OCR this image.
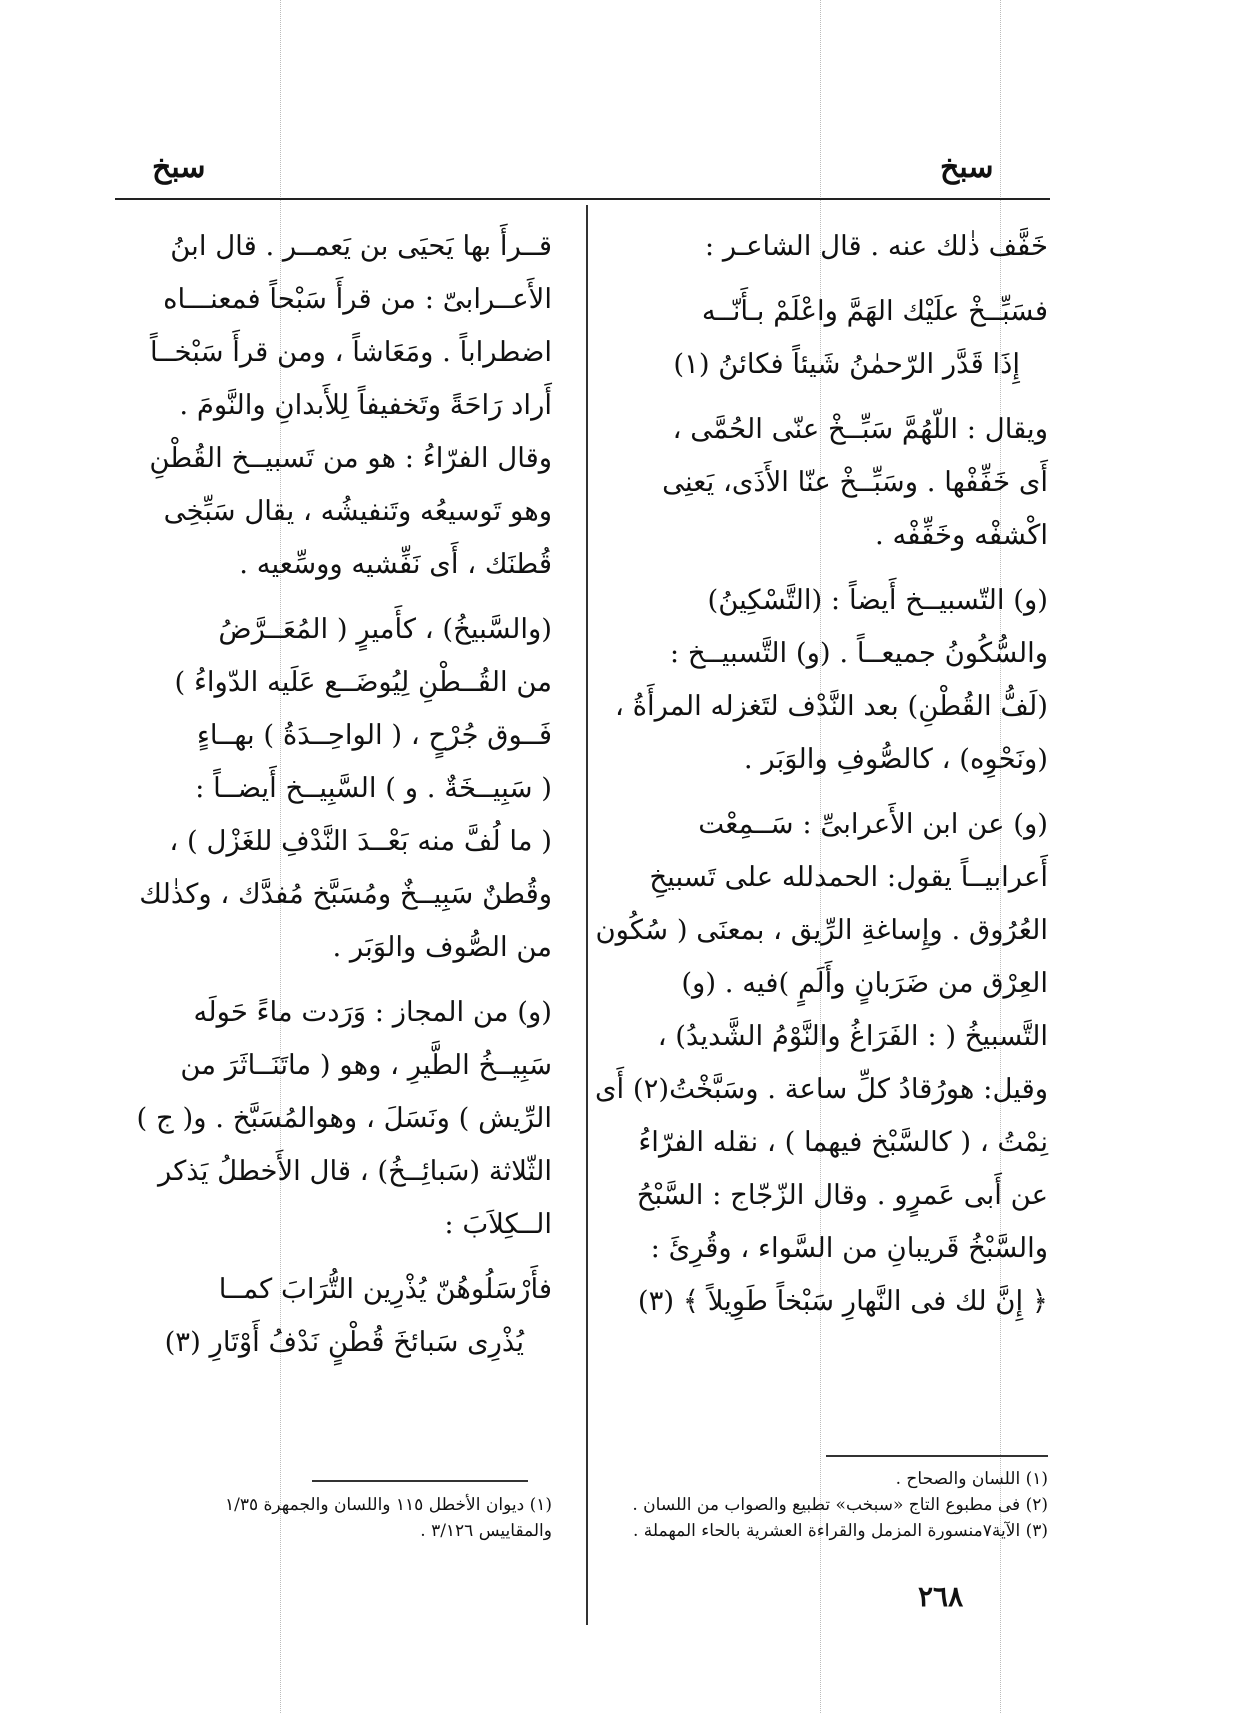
سبخ
سبخ
خَفَّف ذٰلك عنه . قال الشاعـر :
فسَبِّــخْ علَيْك الهَمَّ واعْلَمْ بـأَنّــه
إِذَا قَدَّر الرّحمٰنُ شَيئاً فكائنُ (١)
ويقال : اللّهُمَّ سَبِّــخْ عنّى الحُمَّى ،
أَى خَفِّفْها . وسَبِّــخْ عنّا الأَذَى، يَعنِى
اكْشفْه وخَفِّفْه .
(و) التّسبيــخ أَيضاً : (التَّسْكِينُ)
والسُّكُونُ جميعــاً . (و) التَّسبيــخ :
(لَفُّ القُطْنِ) بعد النَّدْف لتَغزله المرأَةُ ،
(ونَحْوِه) ، كالصُّوفِ والوَبَر .
(و) عن ابن الأَعرابىِّ : سَــمِعْت
أَعرابيــاً يقول: الحمدلله على تَسبيخِ
العُرُوق . وإِساغةِ الرِّيق ، بمعنَى ( سُكُون
العِرْق من ضَرَبانٍ وأَلَمٍ )فيه . (و)
التَّسبيخُ ( : الفَرَاغُ والنَّوْمُ الشَّديدُ) ،
وقيل: هورُقادُ كلِّ ساعة . وسَبَّخْتُ(٢) أَى
نِمْتُ ، ( كالسَّبْخ فيهما ) ، نقله الفرّاءُ
عن أَبى عَمرٍو . وقال الزّجّاج : السَّبْحُ
والسَّبْخُ قَريبانِ من السَّواء ، وقُرِئَ :
﴿ إِنَّ لك فى النَّهارِ سَبْخاً طَوِيلاً ﴾ (٣)
(١) اللسان والصحاح .
(٢) فى مطبوع التاج «سبخب» تطبيع والصواب من اللسان .
(٣) الآية٧منسورة المزمل والقراءة العشرية بالحاء المهملة .
قــرأَ بها يَحيَى بن يَعمــر . قال ابنُ
الأَعــرابىّ : من قرأَ سَبْحاً فمعنـــاه
اضطراباً . ومَعَاشاً ، ومن قرأَ سَبْخــاً
أَراد رَاحَةً وتَخفيفاً لِلأَبدانِ والنَّومَ .
وقال الفرّاءُ : هو من تَسبيــخ القُطْنِ
وهو تَوسيعُه وتَنفيشُه ، يقال سَبِّخِى
قُطنَك ، أَى نَفِّشيه ووسِّعيه .
(والسَّبيخُ) ، كأَميرٍ ( المُعَــرَّضُ
من القُــطْنِ لِيُوضَــع عَلَيه الدّواءُ )
فَــوق جُرْحٍ ، ( الواحِــدَةُ ) بهــاءٍ
( سَبِيــخَةٌ . و ) السَّبِيــخ أَيضــاً :
( ما لُفَّ منه بَعْــدَ النَّدْفِ للغَزْل ) ،
وقُطنٌ سَبِيــخٌ ومُسَبَّخ مُفدَّك ، وكذٰلك
من الصُّوف والوَبَر .
(و) من المجاز : وَرَدت ماءً حَولَه
سَبِيــخُ الطَّيرِ ، وهو ( ماتَنَــاثَرَ من
الرِّيش ) ونَسَلَ ، وهوالمُسَبَّخ . و( ج )
الثّلاثة (سَبائِــخُ) ، قال الأَخطلُ يَذكر
الــكِلاَبَ :
فأَرْسَلُوهُنّ يُذْرِين التُّرَابَ كمــا
يُذْرِى سَبائخَ قُطْنٍ نَدْفُ أَوْتَارِ (٣)
(١) ديوان الأخطل ١١٥ واللسان والجمهرة ١/٣٥
والمقاييس ٣/١٢٦ .
٢٦٨
